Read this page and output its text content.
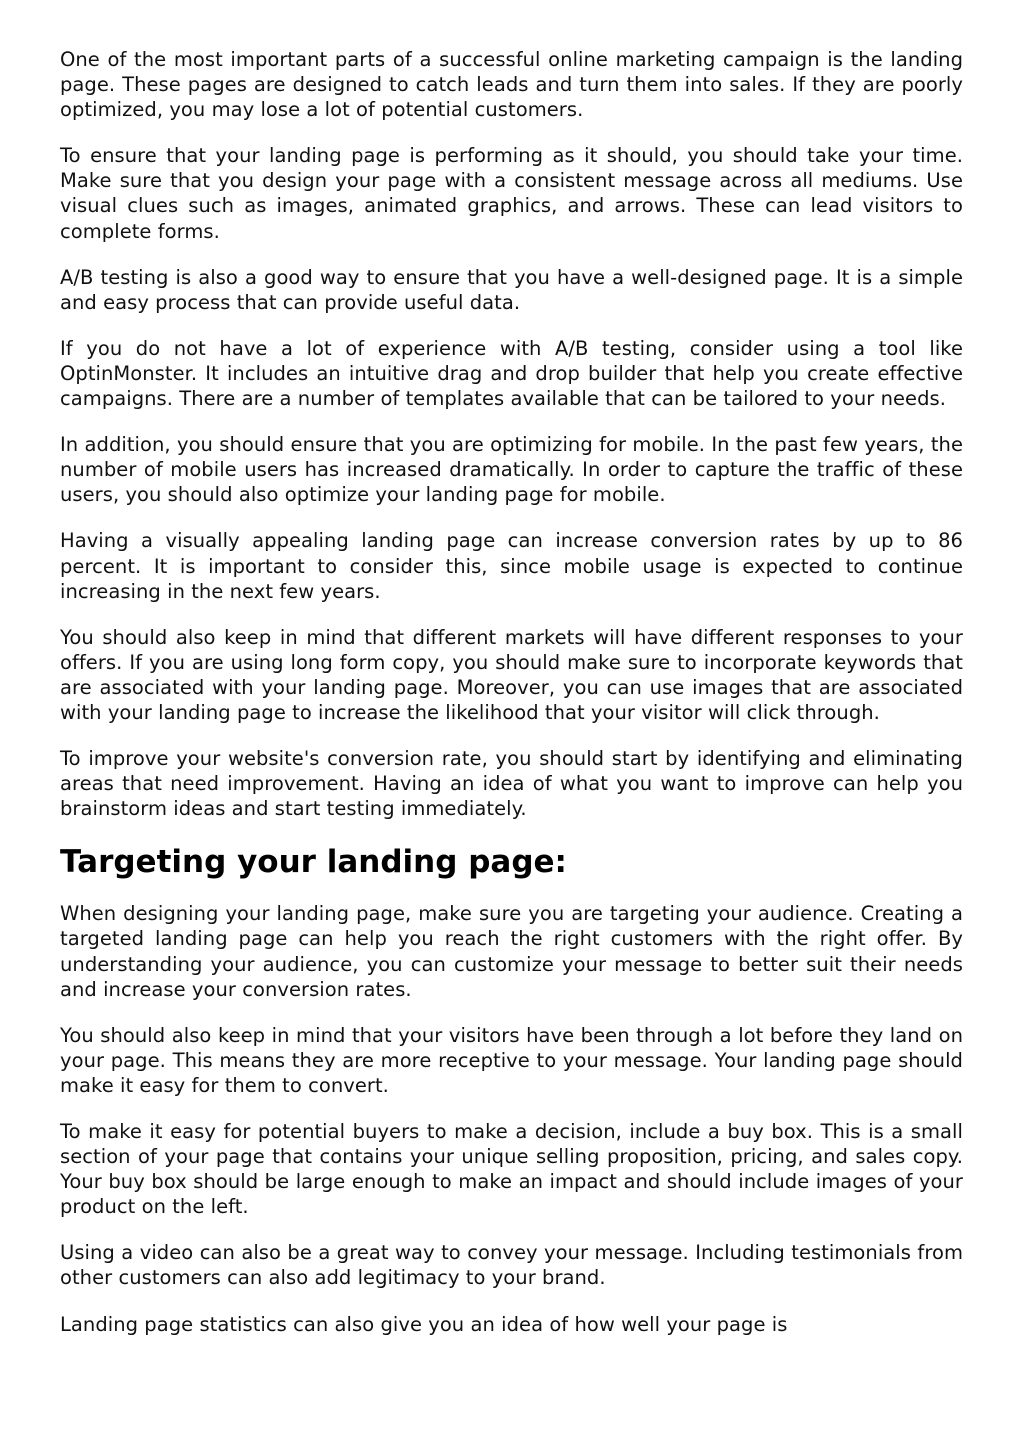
One of the most important parts of a successful online marketing campaign is the landing page. These pages are designed to catch leads and turn them into sales. If they are poorly optimized, you may lose a lot of potential customers.

To ensure that your landing page is performing as it should, you should take your time. Make sure that you design your page with a consistent message across all mediums. Use visual clues such as images, animated graphics, and arrows. These can lead visitors to complete forms.

A/B testing is also a good way to ensure that you have a well-designed page. It is a simple and easy process that can provide useful data.

If you do not have a lot of experience with A/B testing, consider using a tool like OptinMonster. It includes an intuitive drag and drop builder that help you create effective campaigns. There are a number of templates available that can be tailored to your needs.

In addition, you should ensure that you are optimizing for mobile. In the past few years, the number of mobile users has increased dramatically. In order to capture the traffic of these users, you should also optimize your landing page for mobile.

Having a visually appealing landing page can increase conversion rates by up to 86 percent. It is important to consider this, since mobile usage is expected to continue increasing in the next few years.

You should also keep in mind that different markets will have different responses to your offers. If you are using long form copy, you should make sure to incorporate keywords that are associated with your landing page. Moreover, you can use images that are associated with your landing page to increase the likelihood that your visitor will click through.

To improve your website's conversion rate, you should start by identifying and eliminating areas that need improvement. Having an idea of what you want to improve can help you brainstorm ideas and start testing immediately.

Targeting your landing page:

When designing your landing page, make sure you are targeting your audience. Creating a targeted landing page can help you reach the right customers with the right offer. By understanding your audience, you can customize your message to better suit their needs and increase your conversion rates.

You should also keep in mind that your visitors have been through a lot before they land on your page. This means they are more receptive to your message. Your landing page should make it easy for them to convert.

To make it easy for potential buyers to make a decision, include a buy box. This is a small section of your page that contains your unique selling proposition, pricing, and sales copy. Your buy box should be large enough to make an impact and should include images of your product on the left.

Using a video can also be a great way to convey your message. Including testimonials from other customers can also add legitimacy to your brand.

Landing page statistics can also give you an idea of how well your page is
